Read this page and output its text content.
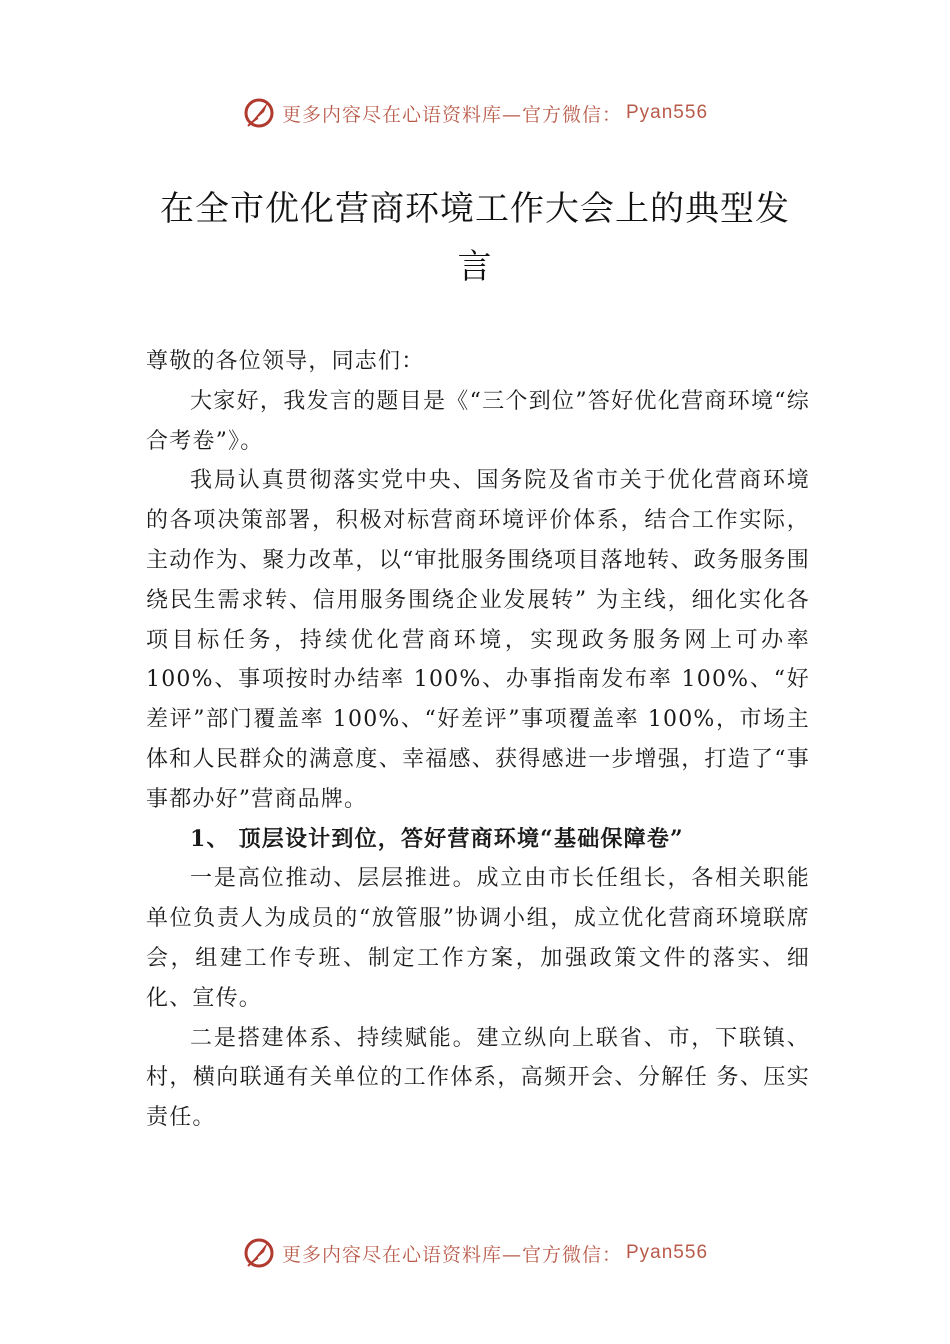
更多内容尽在心语资料库—官方微信： Pyan556
在全市优化营商环境工作大会上的典型发言

尊敬的各位领导，同志们：

大家好，我发言的题目是《“三个到位”答好优化营商环境“综合考卷”》。

我局认真贯彻落实党中央、国务院及省市关于优化营商环境的各项决策部署，积极对标营商环境评价体系，结合工作实际，主动作为、聚力改革，以“审批服务围绕项目落地转、政务服务围绕民生需求转、信用服务围绕企业发展转” 为主线，细化实化各项目标任务，持续优化营商环境，实现政务服务网上可办率 100%、事项按时办结率 100%、办事指南发布率 100%、“好差评”部门覆盖率 100%、“好差评”事项覆盖率 100%，市场主体和人民群众的满意度、幸福感、获得感进一步增强，打造了“事事都办好”营商品牌。

1、 顶层设计到位，答好营商环境“基础保障卷”

一是高位推动、层层推进。成立由市长任组长，各相关职能单位负责人为成员的“放管服”协调小组，成立优化营商环境联席会，组建工作专班、制定工作方案，加强政策文件的落实、细化、宣传。

二是搭建体系、持续赋能。建立纵向上联省、市，下联镇、村，横向联通有关单位的工作体系，高频开会、分解任 务、压实责任。

更多内容尽在心语资料库—官方微信： Pyan556
